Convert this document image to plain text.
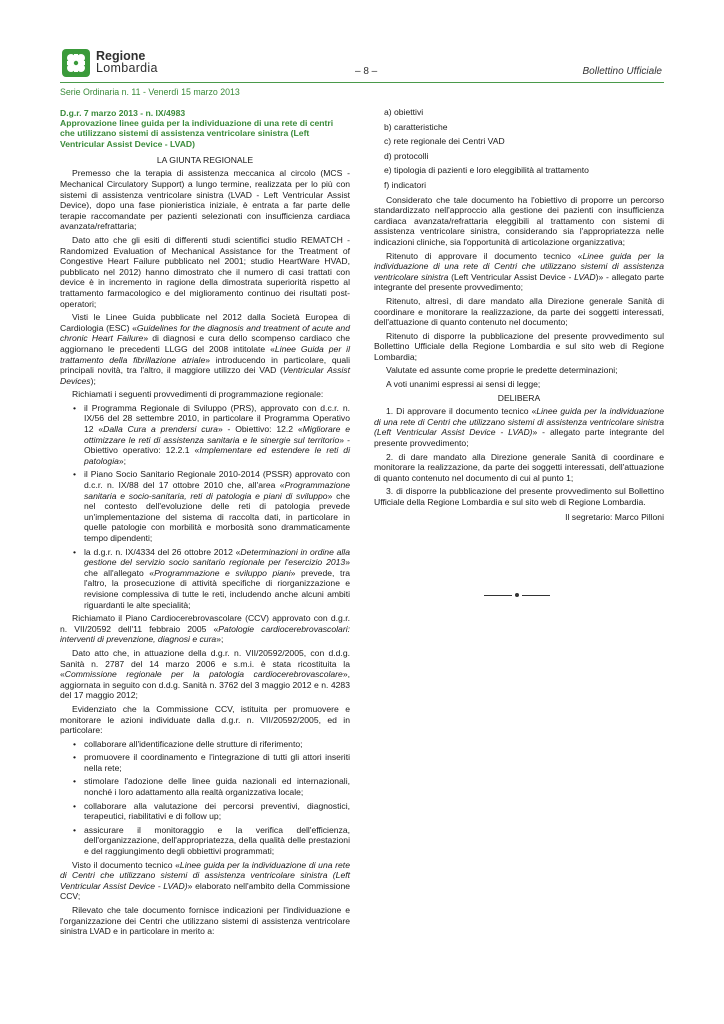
Regione
Lombardia	– 8 –	Bollettino Ufficiale
Serie Ordinaria n. 11 - Venerdì 15 marzo 2013
D.g.r. 7 marzo 2013 - n. IX/4983
Approvazione linee guida per la individuazione di una rete di centri che utilizzano sistemi di assistenza ventricolare sinistra (Left Ventricular Assist Device - LVAD)
LA GIUNTA REGIONALE
Premesso che la terapia di assistenza meccanica al circolo (MCS - Mechanical Circulatory Support) a lungo termine, realizzata per lo più con sistemi di assistenza ventricolare sinistra (LVAD - Left Ventricular Assist Device), dopo una fase pionieristica iniziale, è entrata a far parte delle terapie raccomandate per pazienti selezionati con insufficienza cardiaca avanzata/refrattaria;
Dato atto che gli esiti di differenti studi scientifici studio REMATCH - Randomized Evaluation of Mechanical Assistance for the Treatment of Congestive Heart Failure pubblicato nel 2001; studio HeartWare HVAD, pubblicato nel 2012) hanno dimostrato che il numero di casi trattati con device è in incremento in ragione della dimostrata superiorità rispetto al trattamento farmacologico e del miglioramento continuo dei risultati post-operatori;
Visti le Linee Guida pubblicate nel 2012 dalla Società Europea di Cardiologia (ESC) «Guidelines for the diagnosis and treatment of acute and chronic Heart Failure» di diagnosi e cura dello scompenso cardiaco che aggiornano le precedenti LLGG del 2008 intitolate «Linee Guida per il trattamento della fibrillazione atriale» introducendo in particolare, quali principali novità, tra l'altro, il maggiore utilizzo dei VAD (Ventricular Assist Devices);
Richiamati i seguenti provvedimenti di programmazione regionale:
• il Programma Regionale di Sviluppo (PRS), approvato con d.c.r. n. IX/56 del 28 settembre 2010, in particolare il Programma Operativo 12 «Dalla Cura a prendersi cura» - Obiettivo: 12.2 «Migliorare e ottimizzare le reti di assistenza sanitaria e le sinergie sul territorio» - Obiettivo operativo: 12.2.1 «Implementare ed estendere le reti di patologia»;
• il Piano Socio Sanitario Regionale 2010-2014 (PSSR) approvato con d.c.r. n. IX/88 del 17 ottobre 2010 che, all'area «Programmazione sanitaria e socio-sanitaria, reti di patologia e piani di sviluppo» che nel contesto dell'evoluzione delle reti di patologia prevede un'implementazione del sistema di raccolta dati, in particolare in quelle patologie con morbilità e morbosità sono drammaticamente tempo dipendenti;
• la d.g.r. n. IX/4334 del 26 ottobre 2012 «Determinazioni in ordine alla gestione del servizio socio sanitario regionale per l'esercizio 2013» che all'allegato «Programmazione e sviluppo piani» prevede, tra l'altro, la prosecuzione di attività specifiche di riorganizzazione e revisione complessiva di tutte le reti, includendo anche alcuni ambiti riguardanti le alte specialità;
Richiamato il Piano Cardiocerebrovascolare (CCV) approvato con d.g.r. n. VII/20592 dell'11 febbraio 2005 «Patologie cardiocerebrovascolari: interventi di prevenzione, diagnosi e cura»;
Dato atto che, in attuazione della d.g.r. n. VII/20592/2005, con d.d.g. Sanità n. 2787 del 14 marzo 2006 e s.m.i. è stata ricostituita la «Commissione regionale per la patologia cardiocerebrovascolare», aggiornata in seguito con d.d.g. Sanità n. 3762 del 3 maggio 2012 e n. 4283 del 17 maggio 2012;
Evidenziato che la Commissione CCV, istituita per promuovere e monitorare le azioni individuate dalla d.g.r. n. VII/20592/2005, ed in particolare:
• collaborare all'identificazione delle strutture di riferimento;
• promuovere il coordinamento e l'integrazione di tutti gli attori inseriti nella rete;
• stimolare l'adozione delle linee guida nazionali ed internazionali, nonché i loro adattamento alla realtà organizzativa locale;
• collaborare alla valutazione dei percorsi preventivi, diagnostici, terapeutici, riabilitativi e di follow up;
• assicurare il monitoraggio e la verifica dell'efficienza, dell'organizzazione, dell'appropriatezza, della qualità delle prestazioni e del raggiungimento degli obbiettivi programmati;
Visto il documento tecnico «Linee guida per la individuazione di una rete di Centri che utilizzano sistemi di assistenza ventricolare sinistra (Left Ventricular Assist Device - LVAD)» elaborato nell'ambito della Commissione CCV;
Rilevato che tale documento fornisce indicazioni per l'individuazione e l'organizzazione dei Centri che utilizzano sistemi di assistenza ventricolare sinistra LVAD e in particolare in merito a:
a) obiettivi
b) caratteristiche
c) rete regionale dei Centri VAD
d) protocolli
e) tipologia di pazienti e loro eleggibilità al trattamento
f) indicatori
Considerato che tale documento ha l'obiettivo di proporre un percorso standardizzato nell'approccio alla gestione dei pazienti con insufficienza cardiaca avanzata/refrattaria eleggibili al trattamento con sistemi di assistenza ventricolare sinistra, considerando sia l'appropriatezza nelle indicazioni cliniche, sia l'opportunità di articolazione organizzativa;
Ritenuto di approvare il documento tecnico «Linee guida per la individuazione di una rete di Centri che utilizzano sistemi di assistenza ventricolare sinistra (Left Ventricular Assist Device - LVAD)» - allegato parte integrante del presente provvedimento;
Ritenuto, altresì, di dare mandato alla Direzione generale Sanità di coordinare e monitorare la realizzazione, da parte dei soggetti interessati, dell'attuazione di quanto contenuto nel documento;
Ritenuto di disporre la pubblicazione del presente provvedimento sul Bollettino Ufficiale della Regione Lombardia e sul sito web di Regione Lombardia;
Valutate ed assunte come proprie le predette determinazioni;
A voti unanimi espressi ai sensi di legge;
DELIBERA
1. Di approvare il documento tecnico «Linee guida per la individuazione di una rete di Centri che utilizzano sistemi di assistenza ventricolare sinistra (Left Ventricular Assist Device - LVAD)» - allegato parte integrante del presente provvedimento;
2. di dare mandato alla Direzione generale Sanità di coordinare e monitorare la realizzazione, da parte dei soggetti interessati, dell'attuazione di quanto contenuto nel documento di cui al punto 1;
3. di disporre la pubblicazione del presente provvedimento sul Bollettino Ufficiale della Regione Lombardia e sul sito web di Regione Lombardia.
Il segretario: Marco Pilloni
